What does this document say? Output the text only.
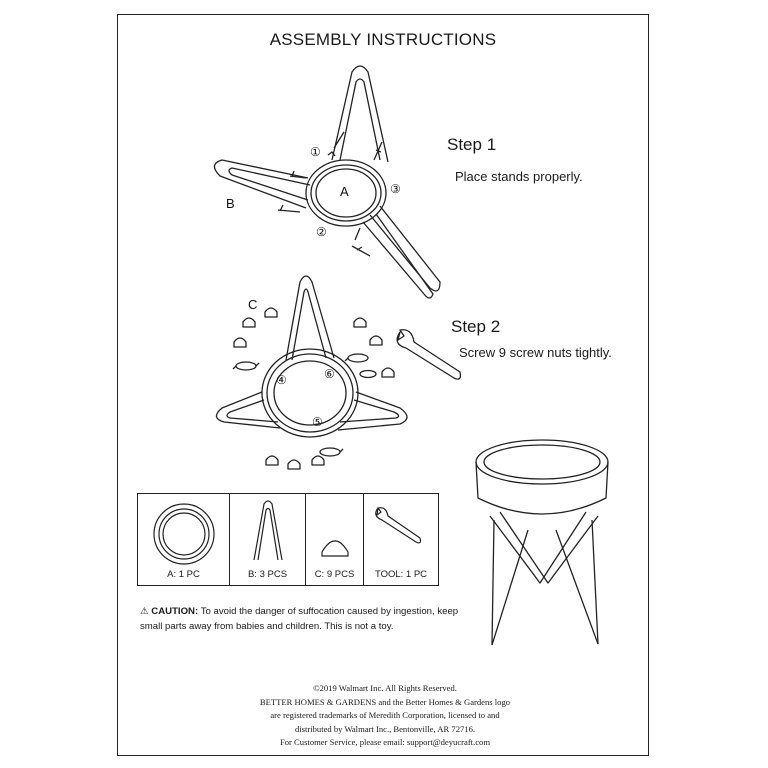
ASSEMBLY INSTRUCTIONS
Step 1
Place stands properly.
Step 2
Screw 9 screw nuts tightly.
A
B
C
①
②
③
④
⑤
⑥
A: 1 PC	B: 3 PCS	C: 9 PCS	TOOL: 1 PC
⚠ CAUTION: To avoid the danger of suffocation caused by ingestion, keep small parts away from babies and children. This is not a toy.
©2019 Walmart Inc. All Rights Reserved.
BETTER HOMES & GARDENS and the Better Homes & Gardens logo
are registered trademarks of Meredith Corporation, licensed to and
distributed by Walmart Inc., Bentonville, AR 72716.
For Customer Service, please email: support@deyucraft.com
